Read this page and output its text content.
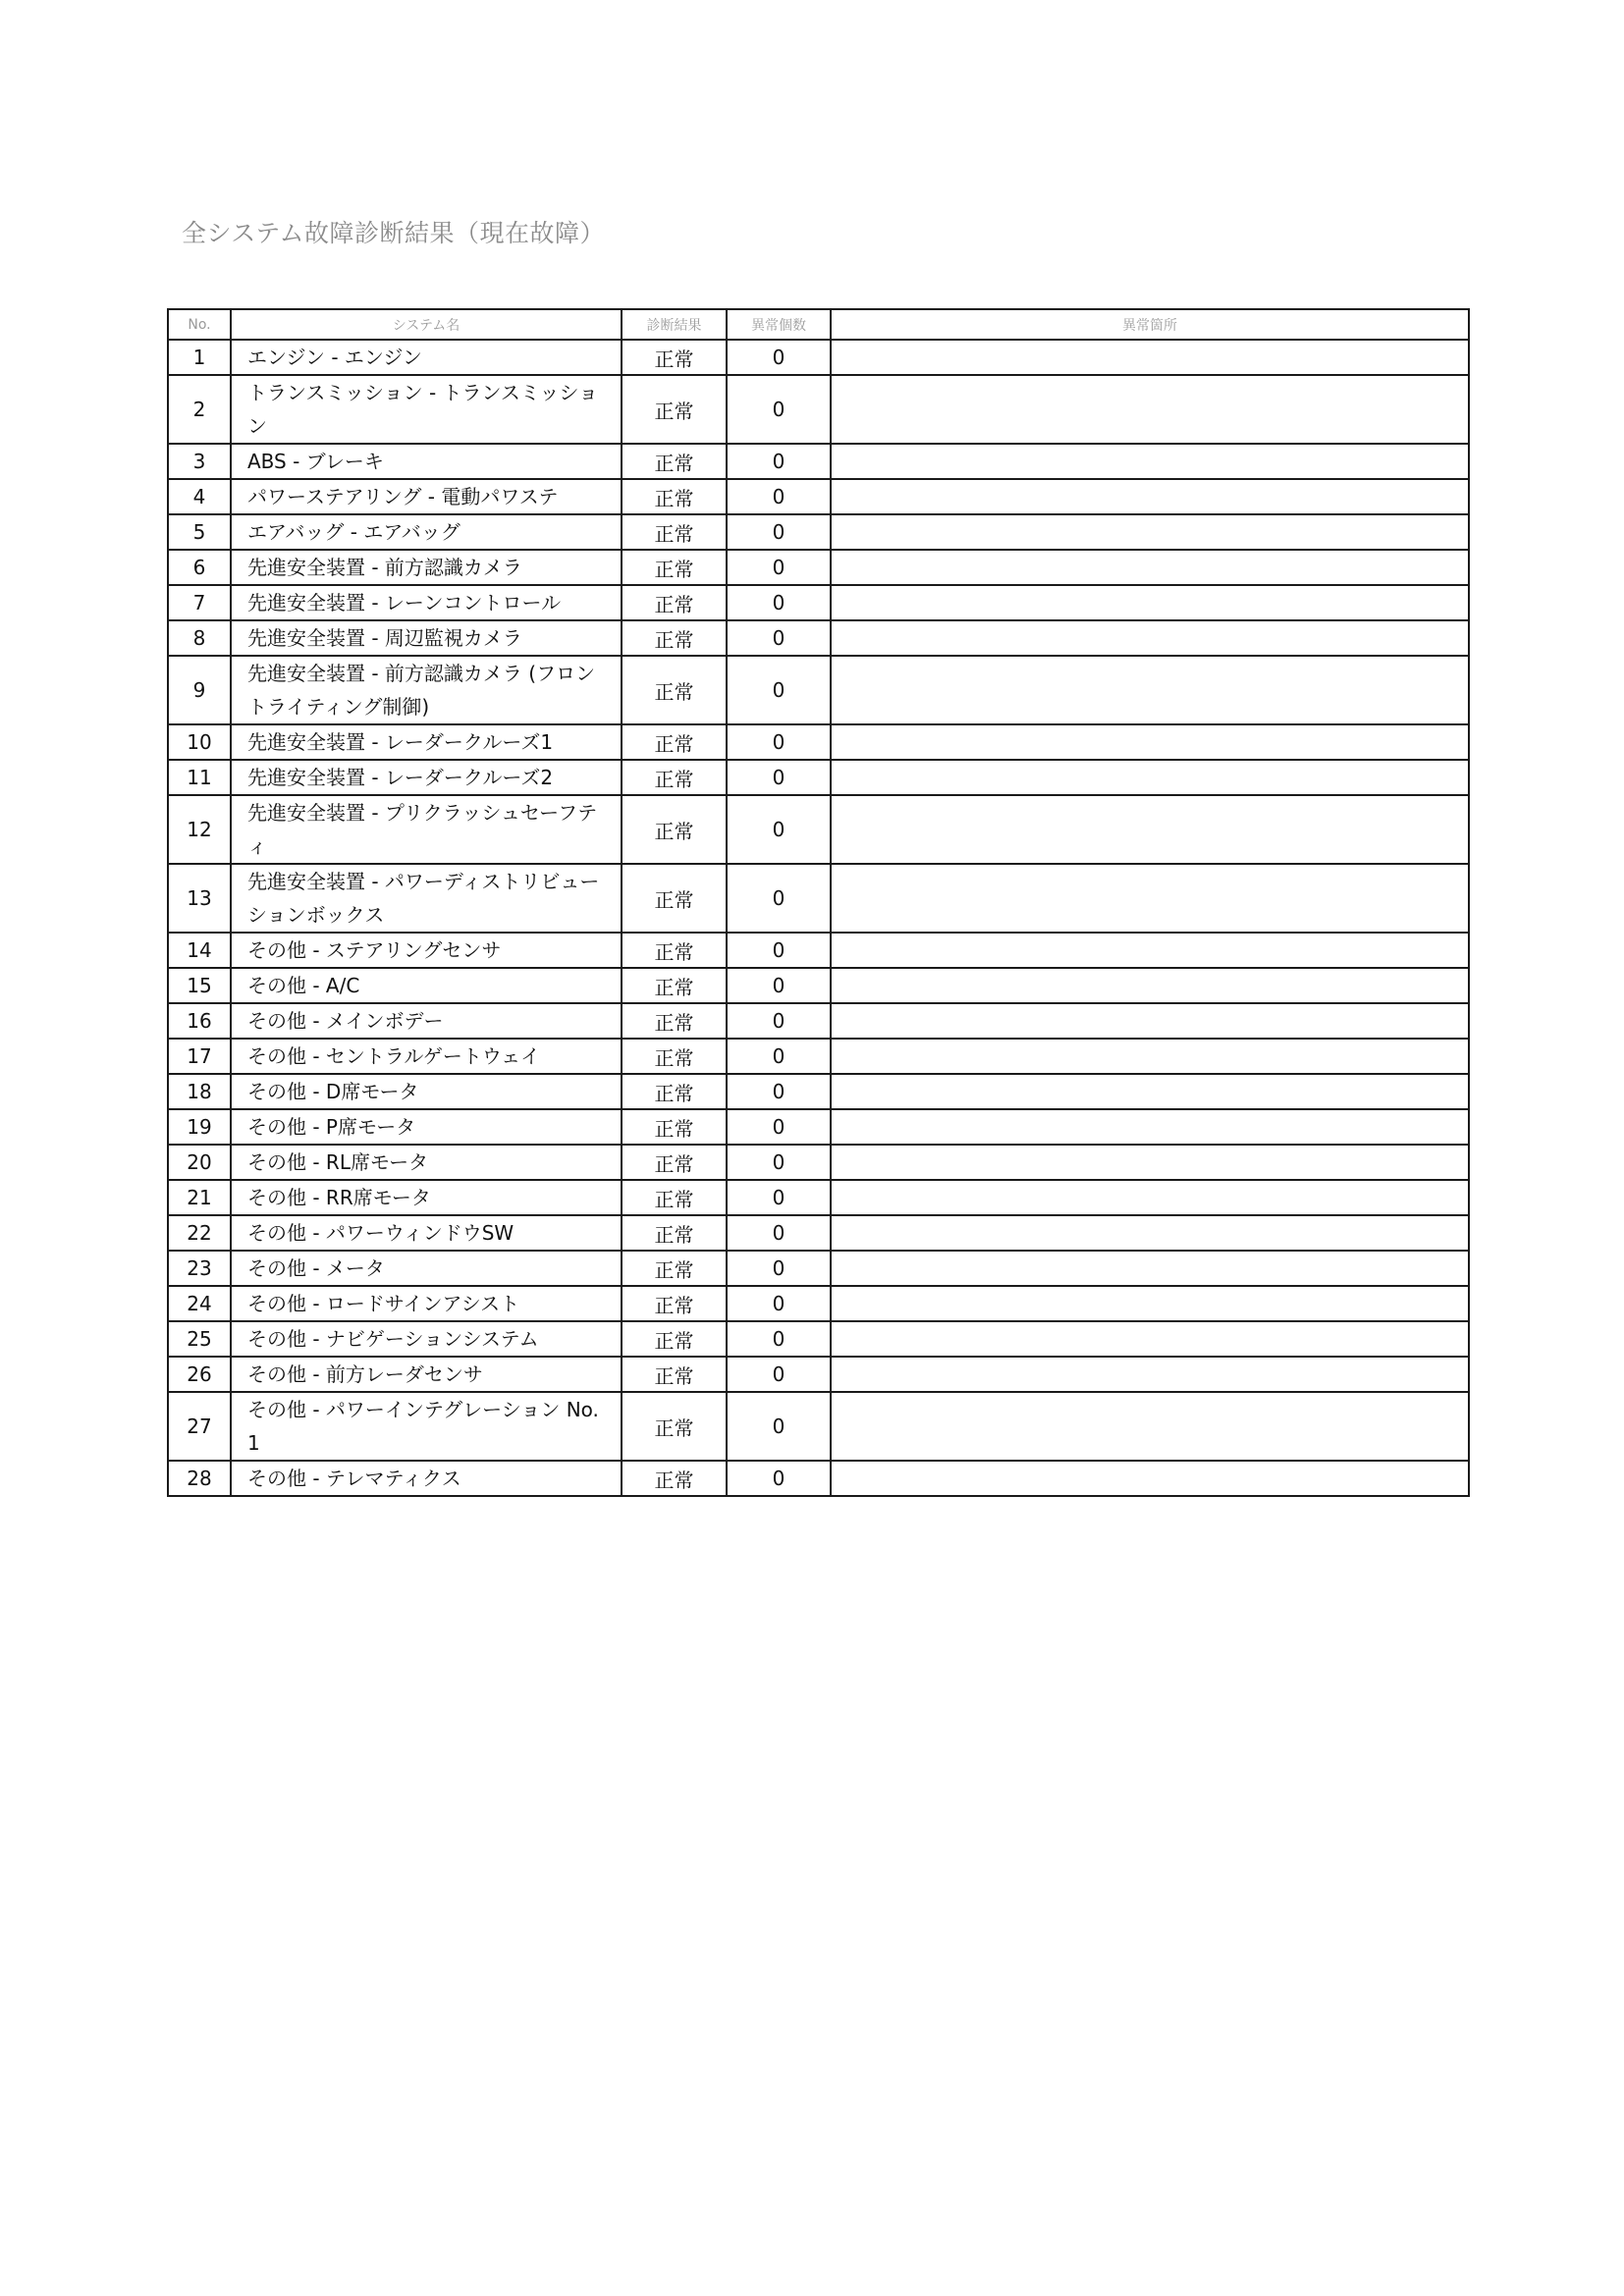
全システム故障診断結果（現在故障）
No.	システム名	診断結果	異常個数	異常箇所
1	エンジン - エンジン	正常	0	
2	トランスミッション - トランスミッション	正常	0	
3	ABS - ブレーキ	正常	0	
4	パワーステアリング - 電動パワステ	正常	0	
5	エアバッグ - エアバッグ	正常	0	
6	先進安全装置 - 前方認識カメラ	正常	0	
7	先進安全装置 - レーンコントロール	正常	0	
8	先進安全装置 - 周辺監視カメラ	正常	0	
9	先進安全装置 - 前方認識カメラ (フロントライティング制御)	正常	0	
10	先進安全装置 - レーダークルーズ1	正常	0	
11	先進安全装置 - レーダークルーズ2	正常	0	
12	先進安全装置 - プリクラッシュセーフティ	正常	0	
13	先進安全装置 - パワーディストリビューションボックス	正常	0	
14	その他 - ステアリングセンサ	正常	0	
15	その他 - A/C	正常	0	
16	その他 - メインボデー	正常	0	
17	その他 - セントラルゲートウェイ	正常	0	
18	その他 - D席モータ	正常	0	
19	その他 - P席モータ	正常	0	
20	その他 - RL席モータ	正常	0	
21	その他 - RR席モータ	正常	0	
22	その他 - パワーウィンドウSW	正常	0	
23	その他 - メータ	正常	0	
24	その他 - ロードサインアシスト	正常	0	
25	その他 - ナビゲーションシステム	正常	0	
26	その他 - 前方レーダセンサ	正常	0	
27	その他 - パワーインテグレーション No.1	正常	0	
28	その他 - テレマティクス	正常	0	
